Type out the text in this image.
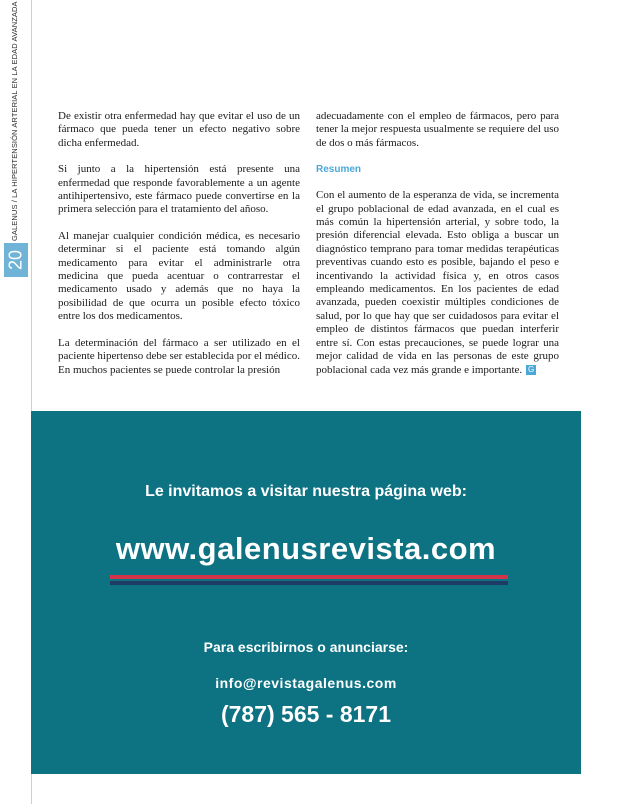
GALENUS / LA HIPERTENSIÓN ARTERIAL EN LA EDAD AVANZADA
20

De existir otra enfermedad hay que evitar el uso de un fármaco que pueda tener un efecto negativo sobre dicha enfermedad.

Si junto a la hipertensión está presente una enfermedad que responde favorablemente a un agente antihipertensivo, este fármaco puede convertirse en la primera selección para el tratamiento del añoso.

Al manejar cualquier condición médica, es necesario determinar si el paciente está tomando algún medicamento para evitar el administrarle otra medicina que pueda acentuar o contrarrestar el medicamento usado y además que no haya la posibilidad de que ocurra un posible efecto tóxico entre los dos medicamentos.

La determinación del fármaco a ser utilizado en el paciente hipertenso debe ser establecida por el médico. En muchos pacientes se puede controlar la presión

adecuadamente con el empleo de fármacos, pero para tener la mejor respuesta usualmente se requiere del uso de dos o más fármacos.

Resumen

Con el aumento de la esperanza de vida, se incrementa el grupo poblacional de edad avanzada, en el cual es más común la hipertensión arterial, y sobre todo, la presión diferencial elevada. Esto obliga a buscar un diagnóstico temprano para tomar medidas terapéuticas preventivas cuando esto es posible, bajando el peso e incentivando la actividad física y, en otros casos empleando medicamentos. En los pacientes de edad avanzada, pueden coexistir múltiples condiciones de salud, por lo que hay que ser cuidadosos para evitar el empleo de distintos fármacos que puedan interferir entre sí. Con estas precauciones, se puede lograr una mejor calidad de vida en las personas de este grupo poblacional cada vez más grande e importante. G

Le invitamos a visitar nuestra página web:
www.galenusrevista.com
Para escribirnos o anunciarse:
info@revistagalenus.com
(787) 565 - 8171
